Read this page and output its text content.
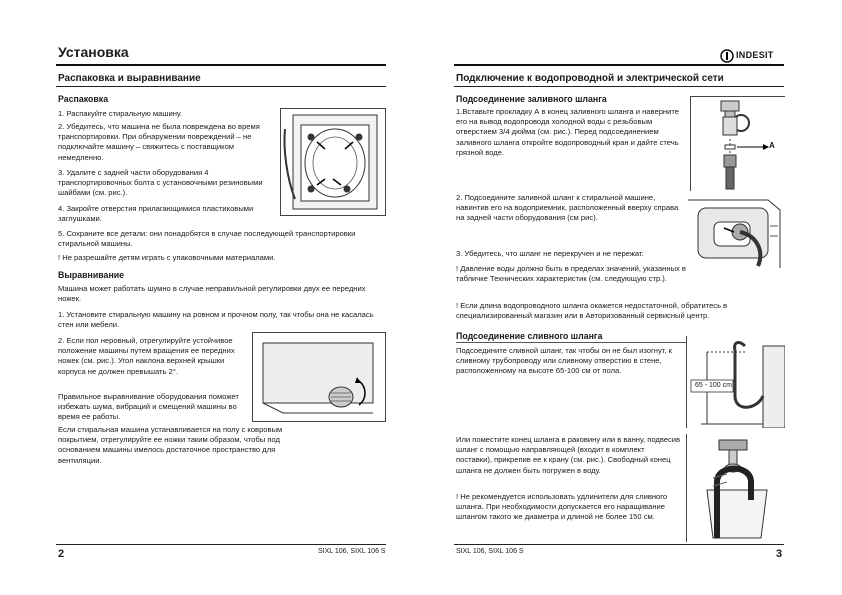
Установка
Распаковка и выравнивание
Распаковка

1. Распакуйте стиральную машину.

2. Убедитесь, что машина не была повреждена во время транспортировки. При обнаружении повреждений – не подключайте машину – свяжитесь с поставщиком немедленно.

3. Удалите с задней части оборудования 4 транспортировочных болта с установочными резиновыми шайбами (см. рис.).

4. Закройте отверстия прилагающимися пластиковыми заглушками.

5. Сохраните все детали: они понадобятся в случае последующей транспортировки стиральной машины.

! Не разрешайте детям играть с упаковочными материалами.

Выравнивание

Машина может работать шумно в случае неправильной регулировки двух ее передних ножек.

1. Установите стиральную машину на ровном и прочном полу, так чтобы она не касалась стен или мебели.

2. Если пол неровный, отрегулируйте устойчивое положение машины путем вращения ее передних ножек (см. рис.). Угол наклона верхней крышки корпуса не должен превышать 2°.

Правильное выравнивание оборудования поможет избежать шума, вибраций и смещений машины во время ее работы.

Если стиральная машина устанавливается на полу с ковровым покрытием, отрегулируйте ее ножки таким образом, чтобы под основанием машины имелось достаточное пространство для вентиляции.

2	SIXL 106, SIXL 106 S
INDESIT
Подключение к водопроводной и электрической сети
Подсоединение заливного шланга

1.Вставьте прокладку А в конец заливного шланга и наверните его на вывод водопровода холодной воды с резьбовым отверстием 3/4 дюйма (см. рис.). Перед подсоединением заливного шланга откройте водопроводный кран и дайте стечь грязной воде.

A

2. Подсоедините заливной шланг к стиральной машине, навинтив его на водоприемник, расположенный вверху справа на задней части оборудования (см рис).

3. Убедитесь, что шланг не перекручен и не пережат.

! Давление воды должно быть в пределах значений, указанных в табличке Технических характеристик (см. следующую стр.).

! Если длина водопроводного шланга окажется недостаточной, обратитесь в специализированный магазин или в Авторизованный сервисный центр.

Подсоединение сливного шланга

Подсоедините сливной шланг, так чтобы он не был изогнут, к сливному трубопроводу или сливному отверстию в стене, расположенному на высоте 65-100 см от пола.

65 - 100 cm

Или поместите конец шланга в раковину или в ванну, подвесив шланг с помощью направляющей (входит в комплект поставки), прикрепив ее к крану (см. рис.). Свободный конец шланга не должен быть погружен в воду.

! Не рекомендуется использовать удлинители для сливного шланга. При необходимости допускается его наращивание шлангом такого же диаметра и длиной не более 150 см.

SIXL 106, SIXL 106 S	3
